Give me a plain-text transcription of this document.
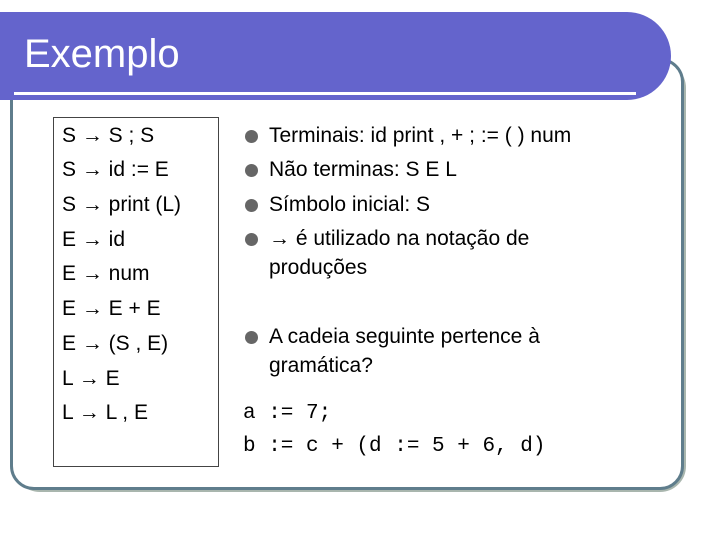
Exemplo
S → S ; S
S → id := E
S → print (L)
E → id
E → num
E → E + E
E → (S , E)
L → E
L → L , E
Terminais: id print , + ; := ( ) num
Não terminas: S E L
Símbolo inicial: S
→ é utilizado na notação de
produções
A cadeia seguinte pertence à
gramática?
a := 7;
b := c + (d := 5 + 6, d)
